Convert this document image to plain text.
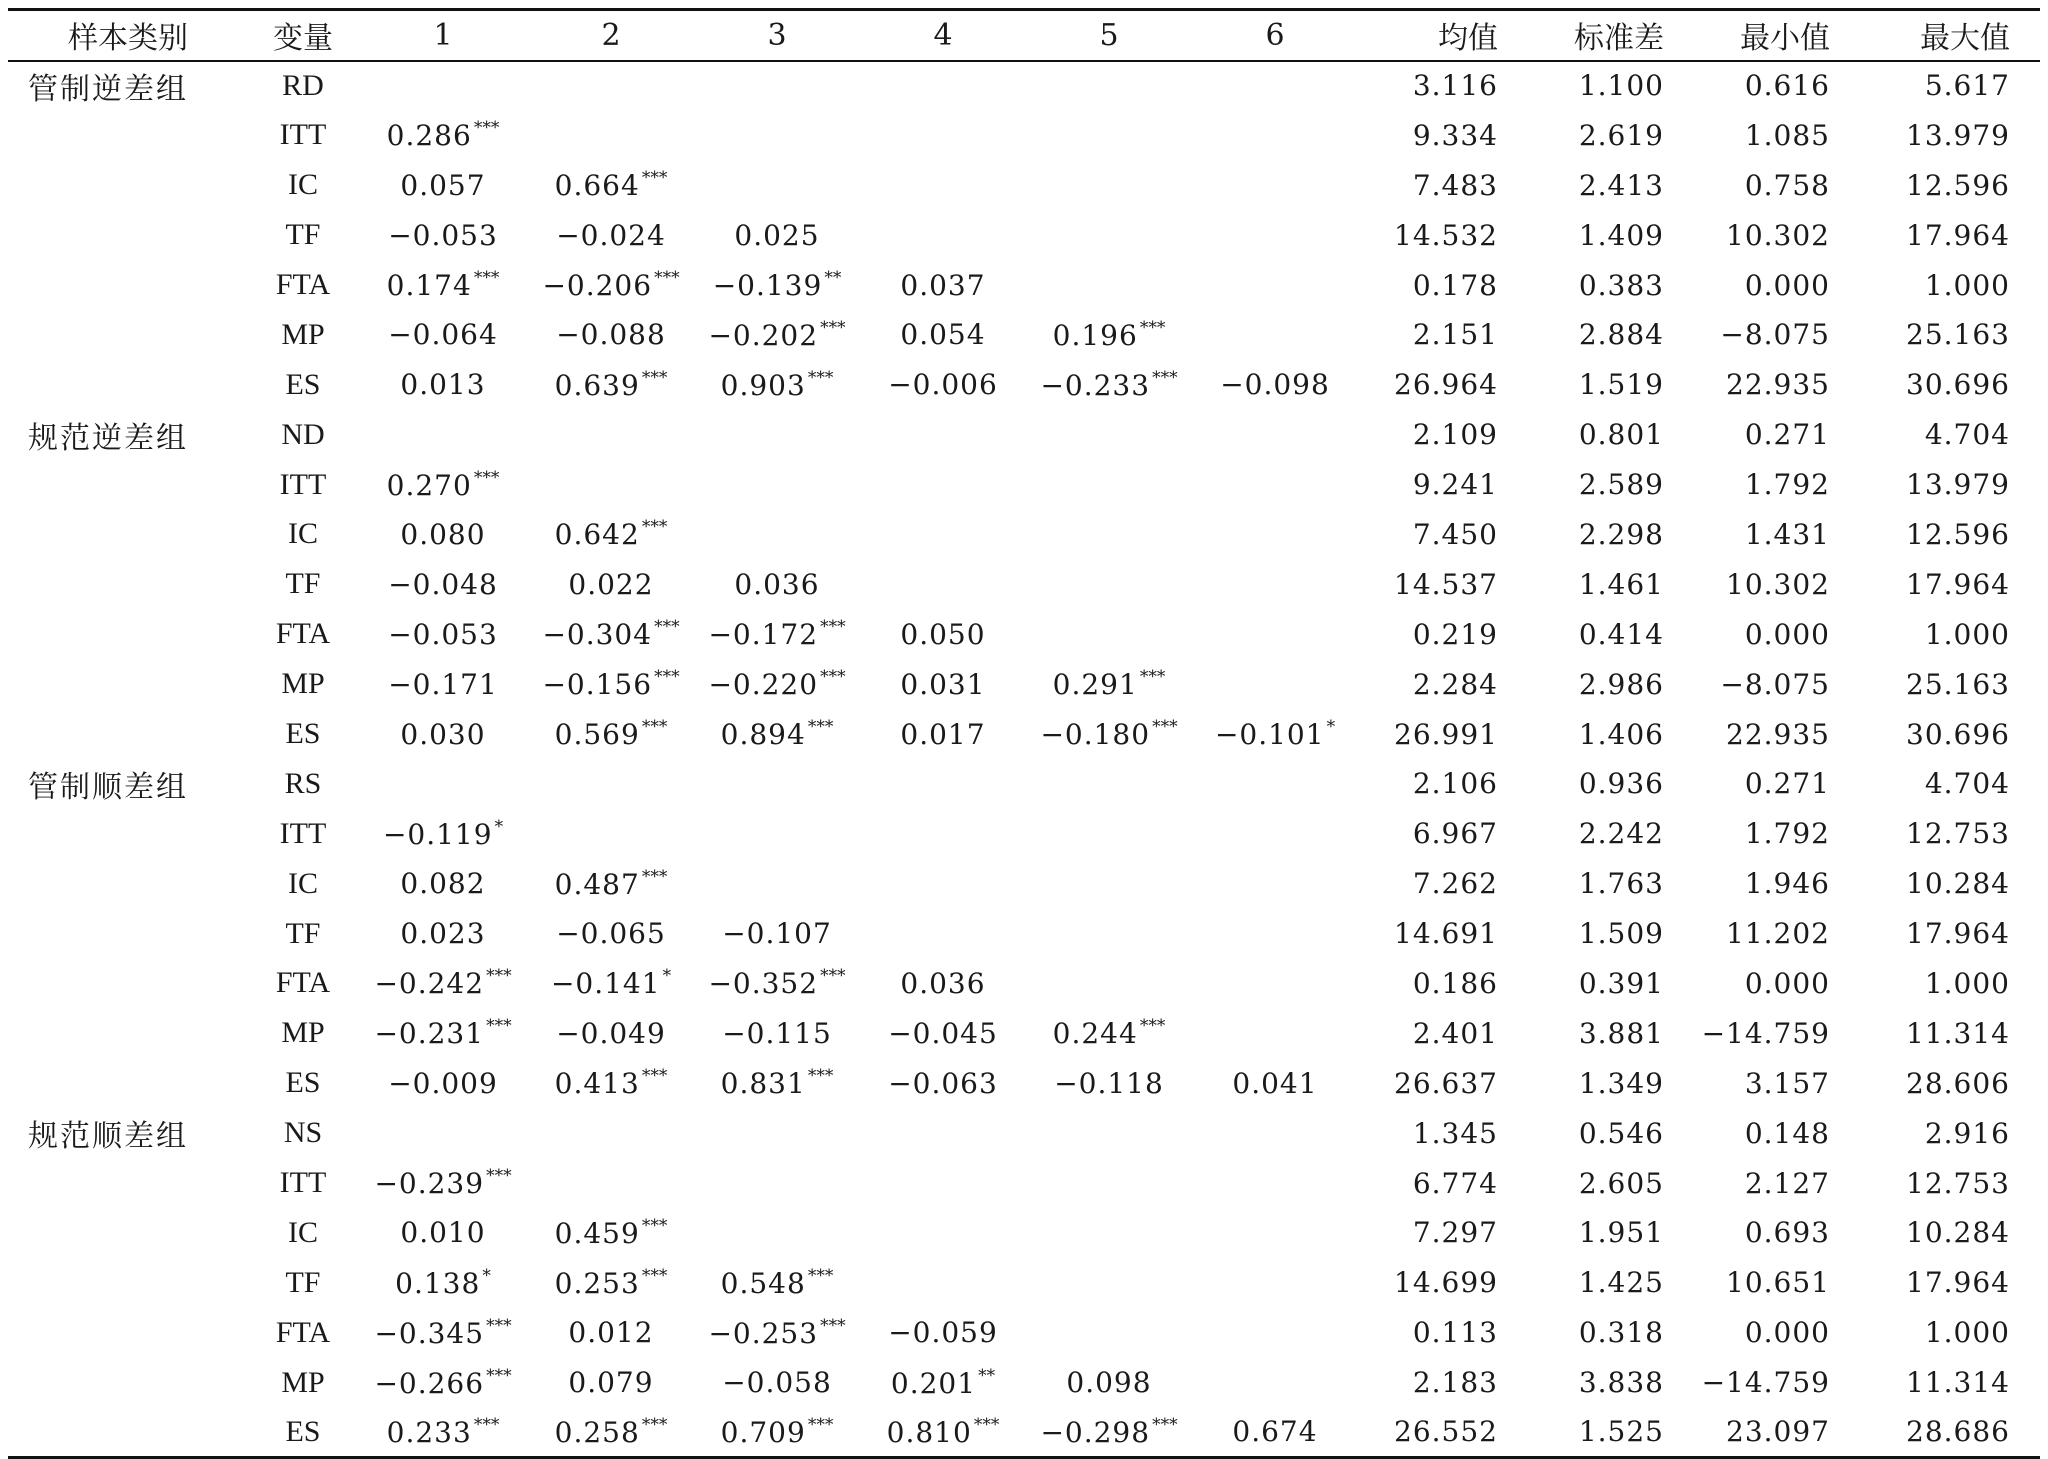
样本类别	变量	1	2	3	4	5	6	均值	标准差	最小值	最大值
管制逆差组	RD							3.116	1.100	0.616	5.617
	ITT	0.286 ***						9.334	2.619	1.085	13.979
	IC	0.057	0.664 ***					7.483	2.413	0.758	12.596
	TF	−0.053	−0.024	0.025				14.532	1.409	10.302	17.964
	FTA	0.174 ***	−0.206 ***	−0.139 **	0.037			0.178	0.383	0.000	1.000
	MP	−0.064	−0.088	−0.202 ***	0.054	0.196 ***		2.151	2.884	−8.075	25.163
	ES	0.013	0.639 ***	0.903 ***	−0.006	−0.233 ***	−0.098	26.964	1.519	22.935	30.696
规范逆差组	ND							2.109	0.801	0.271	4.704
	ITT	0.270 ***						9.241	2.589	1.792	13.979
	IC	0.080	0.642 ***					7.450	2.298	1.431	12.596
	TF	−0.048	0.022	0.036				14.537	1.461	10.302	17.964
	FTA	−0.053	−0.304 ***	−0.172 ***	0.050			0.219	0.414	0.000	1.000
	MP	−0.171	−0.156 ***	−0.220 ***	0.031	0.291 ***		2.284	2.986	−8.075	25.163
	ES	0.030	0.569 ***	0.894 ***	0.017	−0.180 ***	−0.101 *	26.991	1.406	22.935	30.696
管制顺差组	RS							2.106	0.936	0.271	4.704
	ITT	−0.119 *						6.967	2.242	1.792	12.753
	IC	0.082	0.487 ***					7.262	1.763	1.946	10.284
	TF	0.023	−0.065	−0.107				14.691	1.509	11.202	17.964
	FTA	−0.242 ***	−0.141 *	−0.352 ***	0.036			0.186	0.391	0.000	1.000
	MP	−0.231 ***	−0.049	−0.115	−0.045	0.244 ***		2.401	3.881	−14.759	11.314
	ES	−0.009	0.413 ***	0.831 ***	−0.063	−0.118	0.041	26.637	1.349	3.157	28.606
规范顺差组	NS							1.345	0.546	0.148	2.916
	ITT	−0.239 ***						6.774	2.605	2.127	12.753
	IC	0.010	0.459 ***					7.297	1.951	0.693	10.284
	TF	0.138 *	0.253 ***	0.548 ***				14.699	1.425	10.651	17.964
	FTA	−0.345 ***	0.012	−0.253 ***	−0.059			0.113	0.318	0.000	1.000
	MP	−0.266 ***	0.079	−0.058	0.201 **	0.098		2.183	3.838	−14.759	11.314
	ES	0.233 ***	0.258 ***	0.709 ***	0.810 ***	−0.298 ***	0.674	26.552	1.525	23.097	28.686
